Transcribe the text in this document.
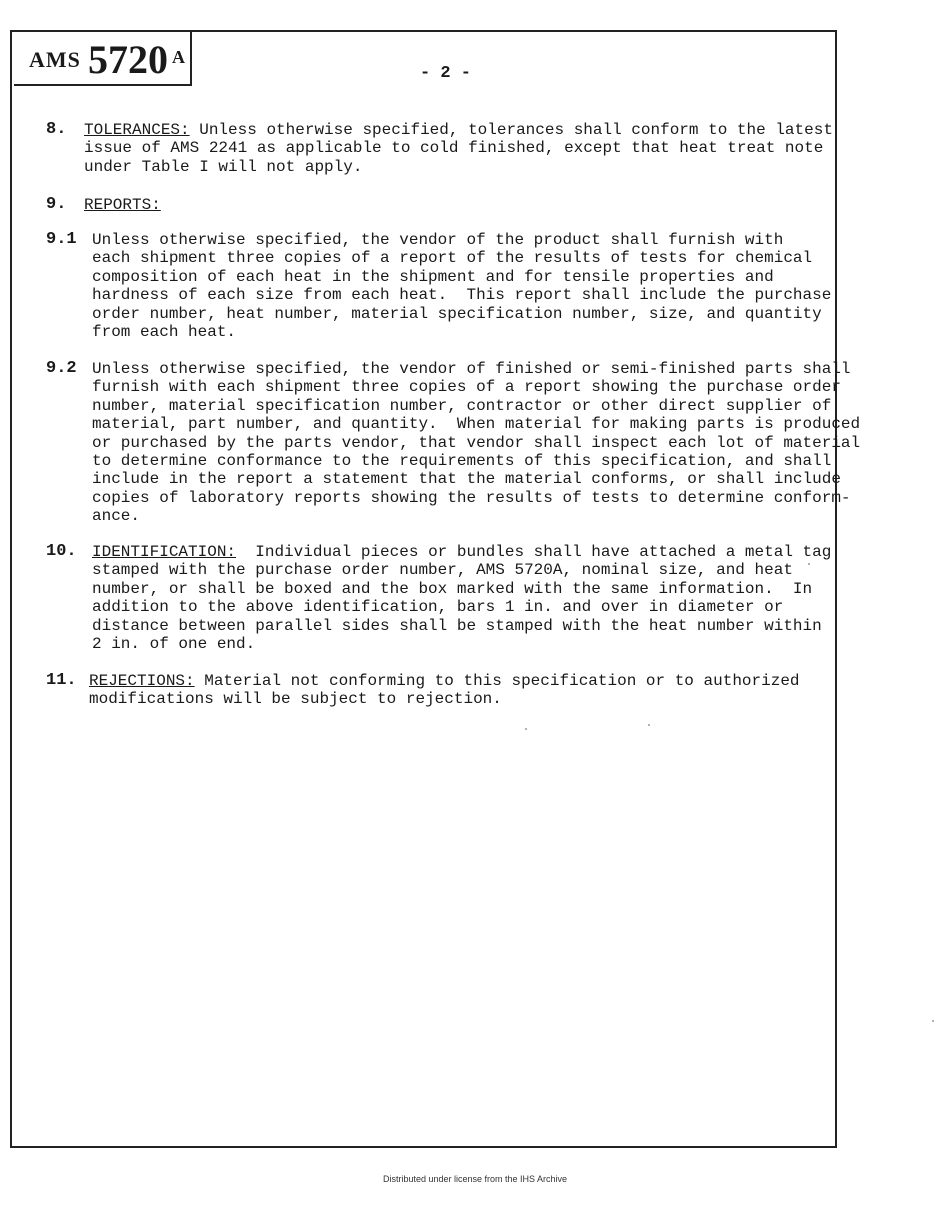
AMS 5720 A
- 2 -
8. TOLERANCES: Unless otherwise specified, tolerances shall conform to the latest
issue of AMS 2241 as applicable to cold finished, except that heat treat note
under Table I will not apply.
9. REPORTS:
9.1 Unless otherwise specified, the vendor of the product shall furnish with
each shipment three copies of a report of the results of tests for chemical
composition of each heat in the shipment and for tensile properties and
hardness of each size from each heat.  This report shall include the purchase
order number, heat number, material specification number, size, and quantity
from each heat.
9.2 Unless otherwise specified, the vendor of finished or semi-finished parts shall
furnish with each shipment three copies of a report showing the purchase order
number, material specification number, contractor or other direct supplier of
material, part number, and quantity.  When material for making parts is produced
or purchased by the parts vendor, that vendor shall inspect each lot of material
to determine conformance to the requirements of this specification, and shall
include in the report a statement that the material conforms, or shall include
copies of laboratory reports showing the results of tests to determine conform-
ance.
10. IDENTIFICATION:  Individual pieces or bundles shall have attached a metal tag
stamped with the purchase order number, AMS 5720A, nominal size, and heat
number, or shall be boxed and the box marked with the same information.  In
addition to the above identification, bars 1 in. and over in diameter or
distance between parallel sides shall be stamped with the heat number within
2 in. of one end.
11. REJECTIONS: Material not conforming to this specification or to authorized
modifications will be subject to rejection.
Distributed under license from the IHS Archive
